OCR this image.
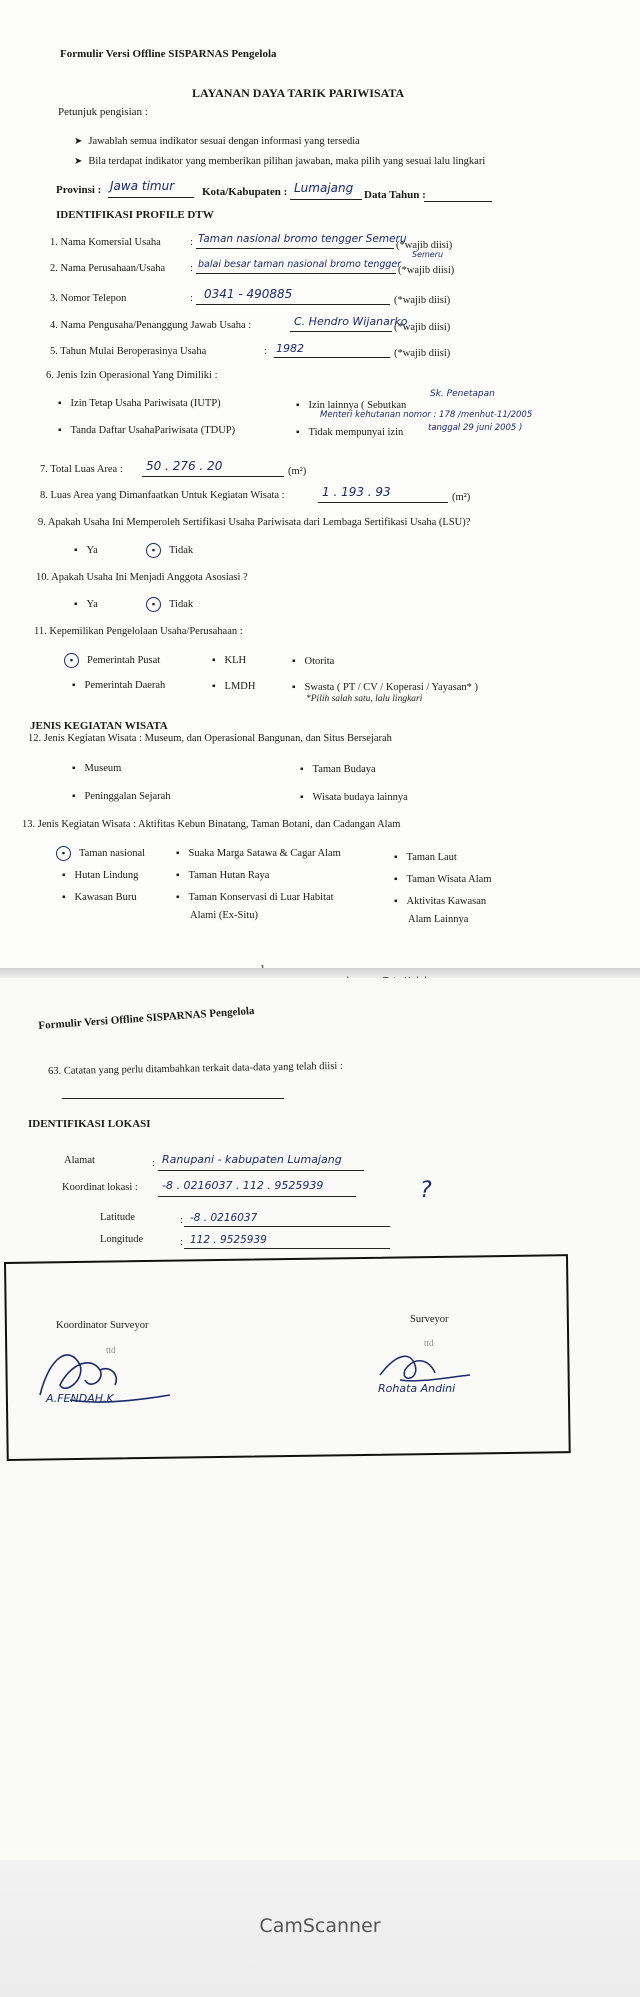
Formulir Versi Offline SISPARNAS Pengelola
LAYANAN DAYA TARIK PARIWISATA
Petunjuk pengisian :
➤ Jawablah semua indikator sesuai dengan informasi yang tersedia
➤ Bila terdapat indikator yang memberikan pilihan jawaban, maka pilih yang sesuai lalu lingkari
Provinsi : Jawa timur	Kota/Kabupaten : Lumajang Data Tahun :
IDENTIFIKASI PROFILE DTW
1. Nama Komersial Usaha	: Taman nasional bromo tengger Semeru
(*wajib diisi)
2. Nama Perusahaan/Usaha : balai besar taman nasional bromo tengger
Semeru
(*wajib diisi)
3. Nomor Telepon	: 0341 - 490885	(*wajib diisi)
4. Nama Pengusaha/Penanggung Jawab Usaha :	C. Hendro Wijanarko
(*wajib diisi)
5. Tahun Mulai Beroperasinya Usaha	: 1982	(*wajib diisi)
6. Jenis Izin Operasional Yang Dimiliki :
▪ Izin Tetap Usaha Pariwisata (IUTP)	▪ Izin lainnya ( Sebutkan
Sk. Penetapan
Menteri kehutanan nomor : 178 /menhut-11/2005
▪ Tanda Daftar UsahaPariwisata (TDUP)	▪ Tidak mempunyai izin	tanggal 29 juni 2005 )
7. Total Luas Area : 50 . 276 . 20	(m²)
8. Luas Area yang Dimanfaatkan Untuk Kegiatan Wisata :	1 . 193 . 93	(m²)
9. Apakah Usaha Ini Memperoleh Sertifikasi Usaha Pariwisata dari Lembaga Sertifikasi Usaha (LSU)?
▪ Ya	▪ Tidak
10. Apakah Usaha Ini Menjadi Anggota Asosiasi ?
▪ Ya	▪ Tidak
11. Kepemilikan Pengelolaan Usaha/Perusahaan :
▪ Pemerintah Pusat	▪ KLH	▪ Otorita
▪ Pemerintah Daerah	▪ LMDH	▪ Swasta ( PT / CV / Koperasi / Yayasan* )
*Pilih salah satu, lalu lingkari
JENIS KEGIATAN WISATA
12. Jenis Kegiatan Wisata : Museum, dan Operasional Bangunan, dan Situs Bersejarah
▪ Museum	▪ Taman Budaya
▪ Peninggalan Sejarah	▪ Wisata budaya lainnya
13. Jenis Kegiatan Wisata : Aktifitas Kebun Binatang, Taman Botani, dan Cadangan Alam
▪ Taman nasional
▪ Hutan Lindung
▪ Kawasan Buru
▪ Suaka Marga Satawa & Cagar Alam
▪ Taman Hutan Raya
▪ Taman Konservasi di Luar Habitat
Alami (Ex-Situ)
▪ Taman Laut
▪ Taman Wisata Alam
▪ Aktivitas Kawasan
Alam Lainnya
Formulir Versi Offline SISPARNAS Pengelola
63. Catatan yang perlu ditambahkan terkait data-data yang telah diisi :
IDENTIFIKASI LOKASI
Alamat	: Ranupani - kabupaten Lumajang
Koordinat lokasi : -8 . 0216037 . 112 . 9525939	?
Latitude	: -8 . 0216037
Longitude	: 112 . 9525939
Koordinator Surveyor
ttd
A.FENDAH.K
Surveyor
ttd
Rohata Andini
CamScanner
